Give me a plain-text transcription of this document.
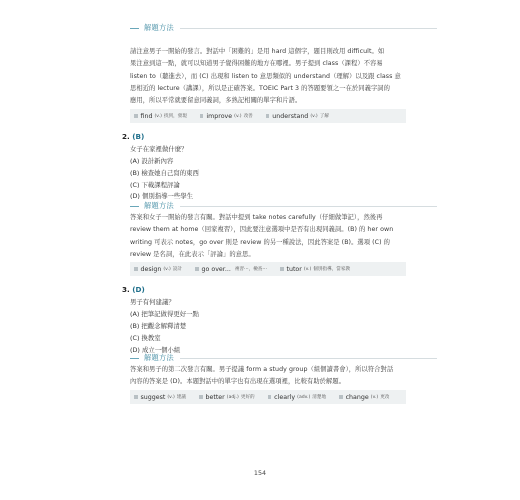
解題方法
請注意男子一開始的發言。對話中「困難的」是用 hard 這個字，題目則改用 difficult。如
果注意到這一點，就可以知道男子覺得困難的地方在哪裡。男子提到 class（課程）不容易
listen to（聽進去），而 (C) 出現和 listen to 意思類似的 understand（理解）以及跟 class 意
思相近的 lecture（講課），所以是正確答案。TOEIC Part 3 的答題要領之一在於同義字詞的
應用，所以平常就要留意同義詞，多熟記相關的單字和片語。
find (v.) 找到，發現	improve (v.) 改善	understand (v.) 了解
2. (B)
女子在家裡做什麼？
(A) 設計新內容
(B) 檢查她自己寫的東西
(C) 下載課程評論
(D) 個別指導一些學生
解題方法
答案和女子一開始的發言有關。對話中提到 take notes carefully（仔細做筆記），然後再
review them at home（回家複習），因此要注意選項中是否有出現同義詞。(B) 的 her own
writing 可表示 notes，go over 則是 review 的另一種說法，因此答案是 (B)。選項 (C) 的
review 是名詞，在此表示「評論」的意思。
design (v.) 設計	go over... 複習⋯，檢查⋯	tutor (v.) 個別指導，當家教
3. (D)
男子有何建議？
(A) 把筆記做得更好一點
(B) 把觀念解釋清楚
(C) 換教室
(D) 成立一個小組
解題方法
答案和男子的第二次發言有關。男子提議 form a study group（組個讀書會），所以符合對話
內容的答案是 (D)。本題對話中的單字也有出現在選項裡，比較有助於解題。
suggest (v.) 建議	better (adj.) 更好的	clearly (adv.) 清楚地	change (v.) 更改
154
